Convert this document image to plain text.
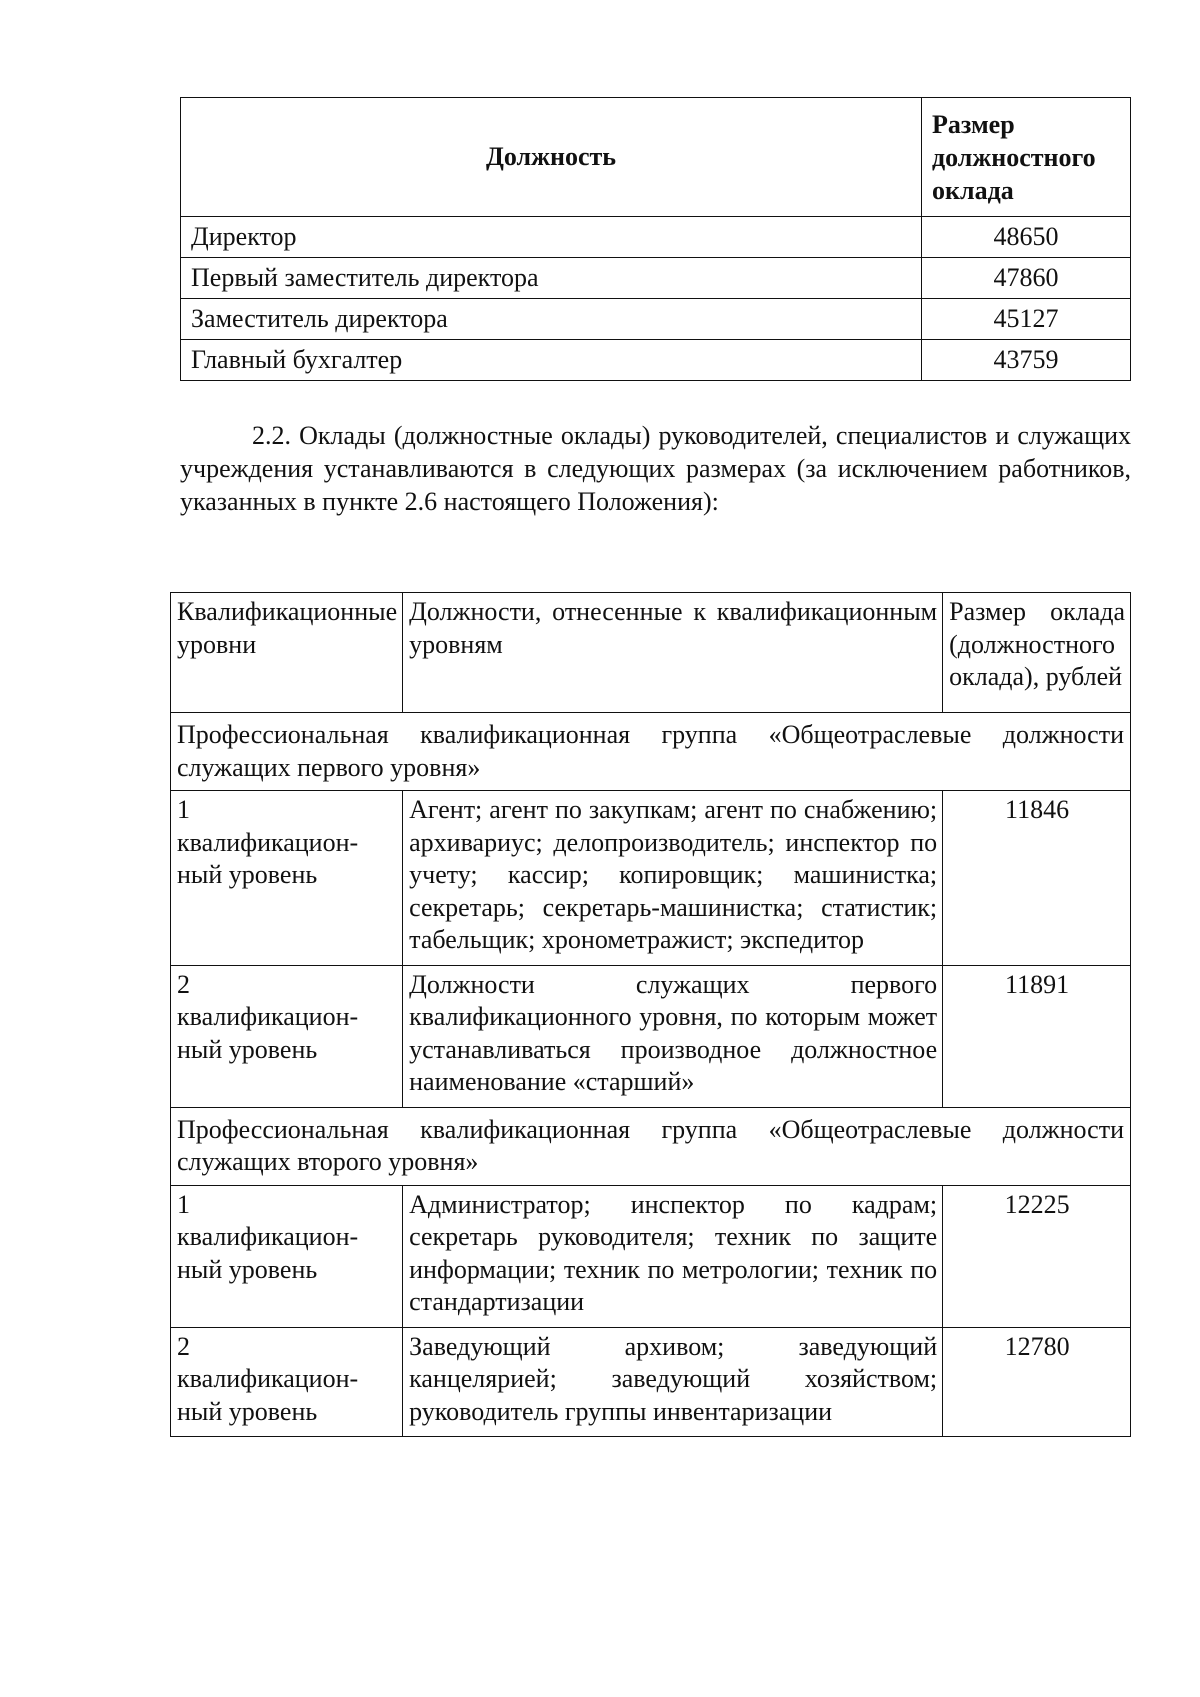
Должность	Размер должностного оклада
Директор	48650
Первый заместитель директора	47860
Заместитель директора	45127
Главный бухгалтер	43759

2.2. Оклады (должностные оклады) руководителей, специалистов и служащих учреждения устанавливаются в следующих размерах (за исключением работников, указанных в пункте 2.6 настоящего Положения):

Квалификационные уровни	Должности, отнесенные к квалификационным уровням	Размер оклада (должностного оклада), рублей
Профессиональная квалификационная группа «Общеотраслевые должности служащих первого уровня»		

1
квалификацион-ный уровень	Агент; агент по закупкам; агент по снабжению; архивариус; делопроизводитель; инспектор по учету; кассир; копировщик; машинистка; секретарь; секретарь-машинистка; статистик; табельщик; хронометражист; экспедитор	11846

2
квалификацион-ный уровень	Должности служащих первого квалификационного уровня, по которым может устанавливаться производное должностное наименование «старший»	11891
Профессиональная квалификационная группа «Общеотраслевые должности служащих второго уровня»		

1
квалификацион-ный уровень	Администратор; инспектор по кадрам; секретарь руководителя; техник по защите информации; техник по метрологии; техник по стандартизации	12225

2
квалификацион-ный уровень	Заведующий архивом; заведующий канцелярией; заведующий хозяйством; руководитель группы инвентаризации	12780
